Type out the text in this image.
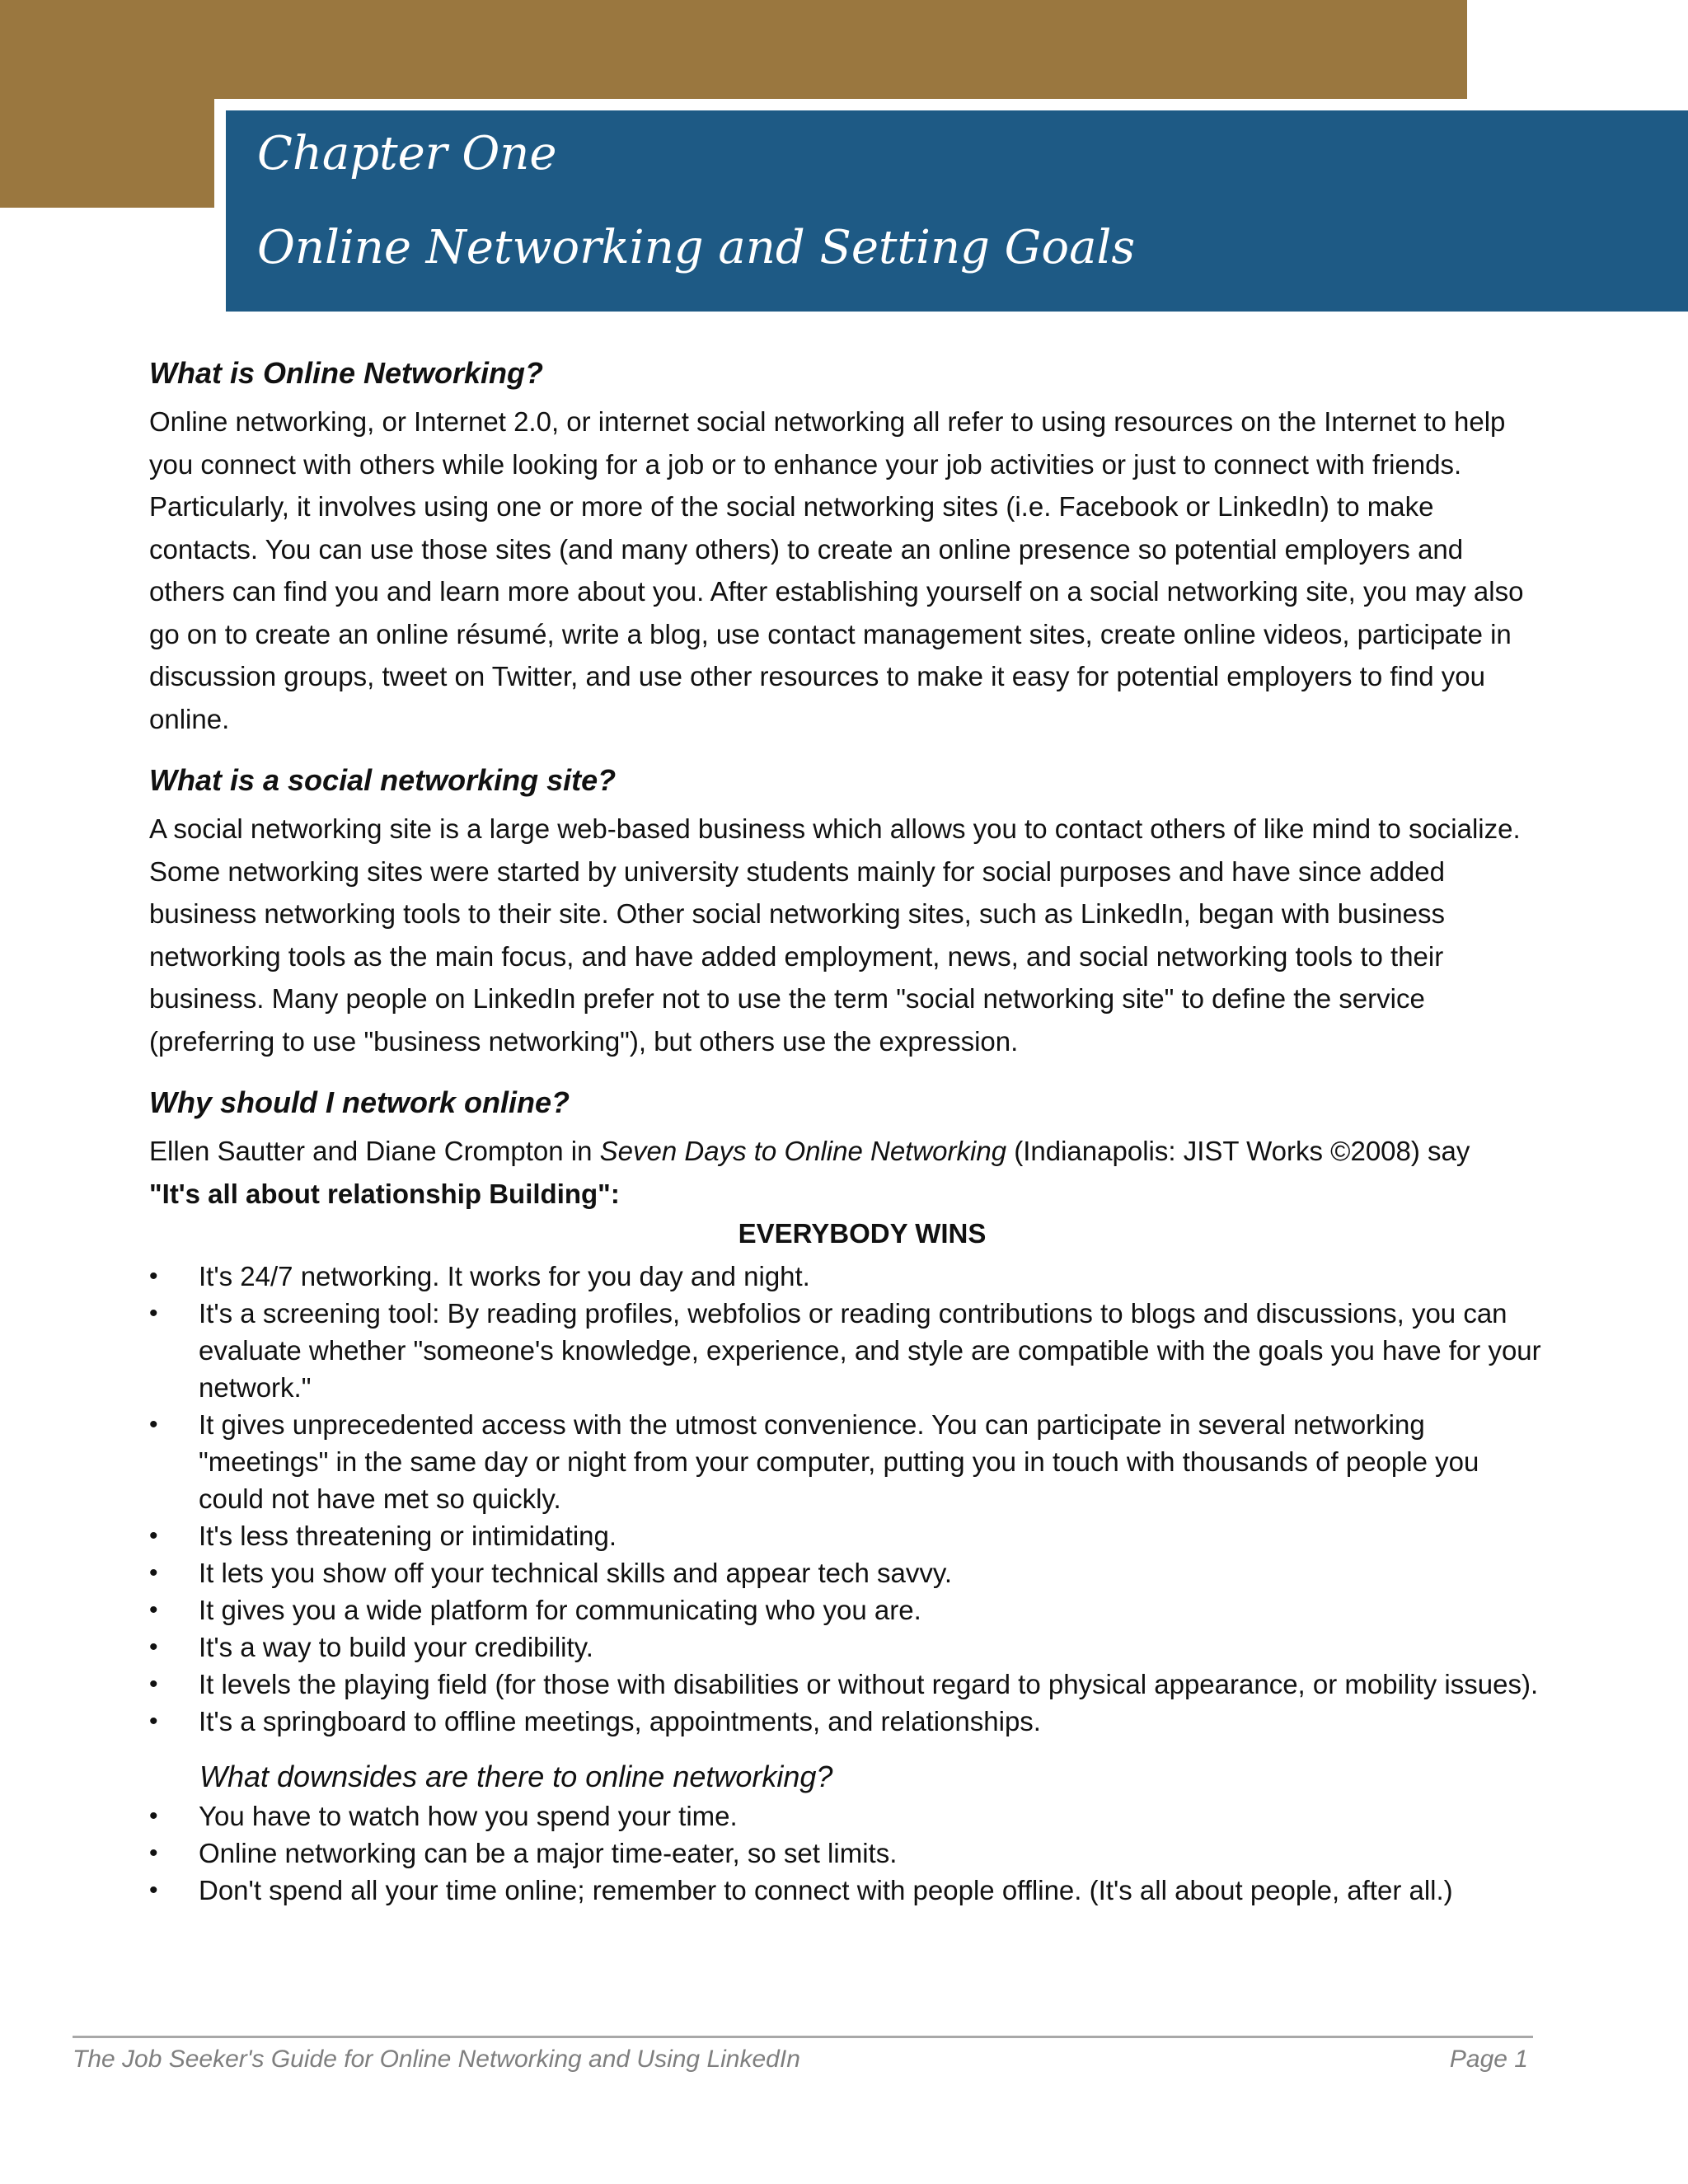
Chapter One
Online Networking and Setting Goals
What is Online Networking?

Online networking, or Internet 2.0, or internet social networking all refer to using resources on the Internet to help you connect with others while looking for a job or to enhance your job activities or just to connect with friends. Particularly, it involves using one or more of the social networking sites (i.e. Facebook or LinkedIn) to make contacts. You can use those sites (and many others) to create an online presence so potential employers and others can find you and learn more about you. After establishing yourself on a social networking site, you may also go on to create an online résumé, write a blog, use contact management sites, create online videos, participate in discussion groups, tweet on Twitter, and use other resources to make it easy for potential employers to find you online.

What is a social networking site?

A social networking site is a large web-based business which allows you to contact others of like mind to socialize. Some networking sites were started by university students mainly for social purposes and have since added business networking tools to their site. Other social networking sites, such as LinkedIn, began with business networking tools as the main focus, and have added employment, news, and social networking tools to their business. Many people on LinkedIn prefer not to use the term "social networking site" to define the service (preferring to use "business networking"), but others use the expression.

Why should I network online?
Ellen Sautter and Diane Crompton in Seven Days to Online Networking (Indianapolis: JIST Works ©2008) say
"It's all about relationship Building":
EVERYBODY WINS
• It's 24/7 networking. It works for you day and night.
• It's a screening tool: By reading profiles, webfolios or reading contributions to blogs and discussions, you can evaluate whether "someone's knowledge, experience, and style are compatible with the goals you have for your network."
• It gives unprecedented access with the utmost convenience. You can participate in several networking "meetings" in the same day or night from your computer, putting you in touch with thousands of people you could not have met so quickly.
• It's less threatening or intimidating.
• It lets you show off your technical skills and appear tech savvy.
• It gives you a wide platform for communicating who you are.
• It's a way to build your credibility.
• It levels the playing field (for those with disabilities or without regard to physical appearance, or mobility issues).
• It's a springboard to offline meetings, appointments, and relationships.
What downsides are there to online networking?
• You have to watch how you spend your time.
• Online networking can be a major time-eater, so set limits.
• Don't spend all your time online; remember to connect with people offline. (It's all about people, after all.)
The Job Seeker's Guide for Online Networking and Using LinkedIn	Page 1
